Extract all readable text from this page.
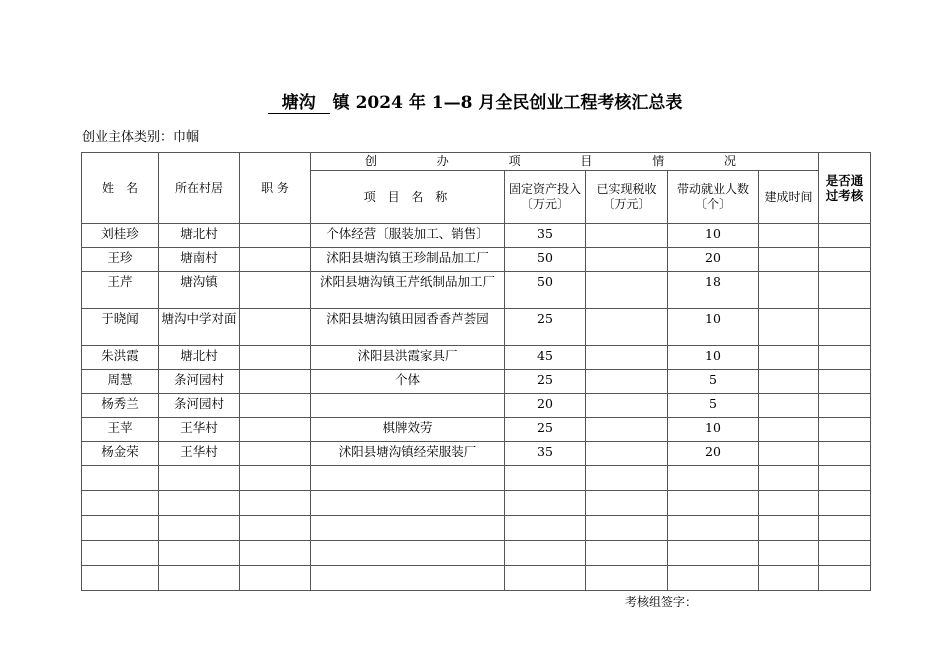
塘沟 镇 2024 年 1—8 月全民创业工程考核汇总表
创业主体类别：巾帼
姓　名	所在村居	职 务	创 办 项 目 情 况					是否通过考核
			项 目 名 称	固定资产投入〔万元〕	已实现税收〔万元〕	带动就业人数〔个〕	建成时间	
刘桂珍	塘北村		个体经营〔服装加工、销售〕	35		10		
王珍	塘南村		沭阳县塘沟镇王珍制品加工厂	50		20		
王芹	塘沟镇		沭阳县塘沟镇王芹纸制品加工厂	50		18		
于晓闻	塘沟中学对面		沭阳县塘沟镇田园香香芦荟园	25		10		
朱洪霞	塘北村		沭阳县洪霞家具厂	45		10		
周慧	条河园村		个体	25		5		
杨秀兰	条河园村			20		5		
王苹	王华村		棋牌效劳	25		10		
杨金荣	王华村		沭阳县塘沟镇经荣服装厂	35		20		

考核组签字：
